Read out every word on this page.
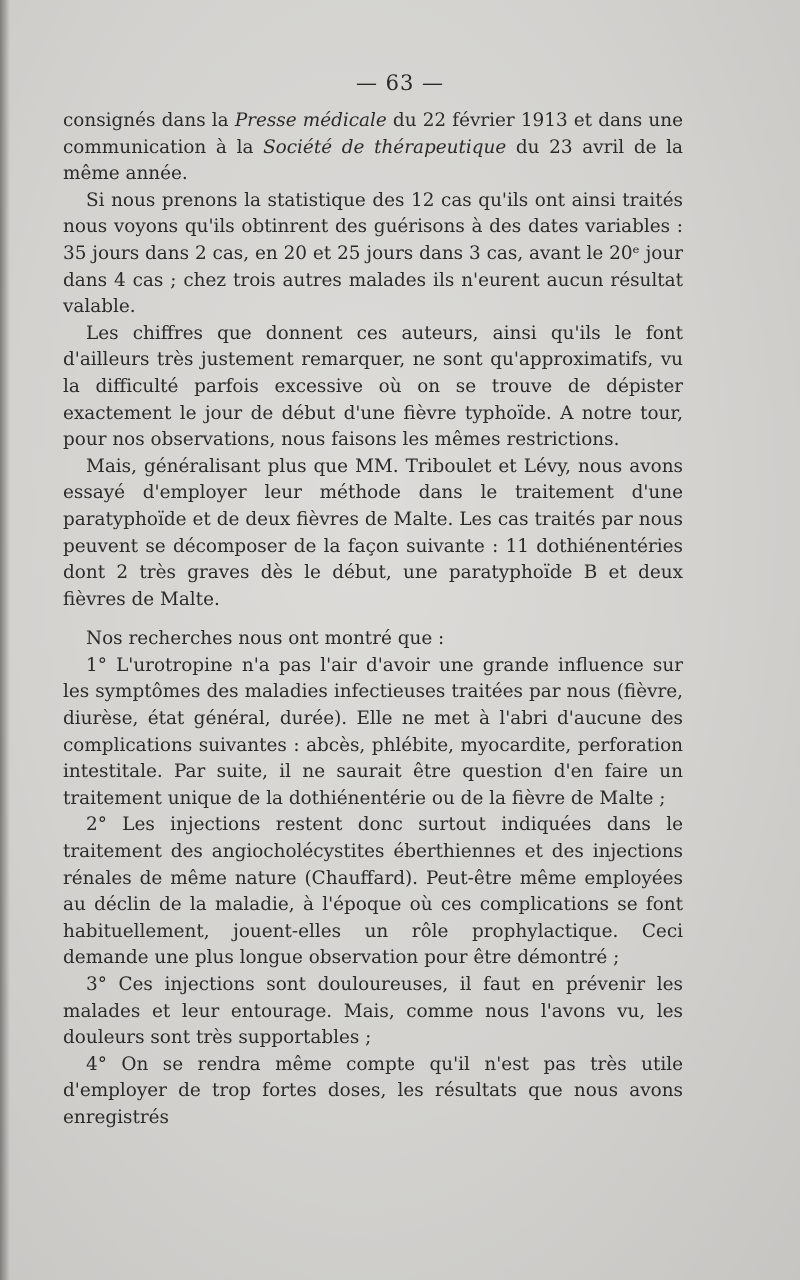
— 63 —

consignés dans la Presse médicale du 22 février 1913 et dans une communication à la Société de thérapeutique du 23 avril de la même année.

Si nous prenons la statistique des 12 cas qu'ils ont ainsi traités nous voyons qu'ils obtinrent des guérisons à des dates variables : 35 jours dans 2 cas, en 20 et 25 jours dans 3 cas, avant le 20ᵉ jour dans 4 cas ; chez trois autres malades ils n'eurent aucun résultat valable.

Les chiffres que donnent ces auteurs, ainsi qu'ils le font d'ailleurs très justement remarquer, ne sont qu'approximatifs, vu la difficulté parfois excessive où on se trouve de dépister exactement le jour de début d'une fièvre typhoïde. A notre tour, pour nos observations, nous faisons les mêmes restrictions.

Mais, généralisant plus que MM. Triboulet et Lévy, nous avons essayé d'employer leur méthode dans le traitement d'une paratyphoïde et de deux fièvres de Malte. Les cas traités par nous peuvent se décomposer de la façon suivante : 11 dothiénentéries dont 2 très graves dès le début, une paratyphoïde B et deux fièvres de Malte.

Nos recherches nous ont montré que :

1° L'urotropine n'a pas l'air d'avoir une grande influence sur les symptômes des maladies infectieuses traitées par nous (fièvre, diurèse, état général, durée). Elle ne met à l'abri d'aucune des complications suivantes : abcès, phlébite, myocardite, perforation intestitale. Par suite, il ne saurait être question d'en faire un traitement unique de la dothiénentérie ou de la fièvre de Malte ;

2° Les injections restent donc surtout indiquées dans le traitement des angiocholécystites éberthiennes et des injections rénales de même nature (Chauffard). Peut-être même employées au déclin de la maladie, à l'époque où ces complications se font habituellement, jouent-elles un rôle prophylactique. Ceci demande une plus longue observation pour être démontré ;

3° Ces injections sont douloureuses, il faut en prévenir les malades et leur entourage. Mais, comme nous l'avons vu, les douleurs sont très supportables ;

4° On se rendra même compte qu'il n'est pas très utile d'employer de trop fortes doses, les résultats que nous avons enregistrés
